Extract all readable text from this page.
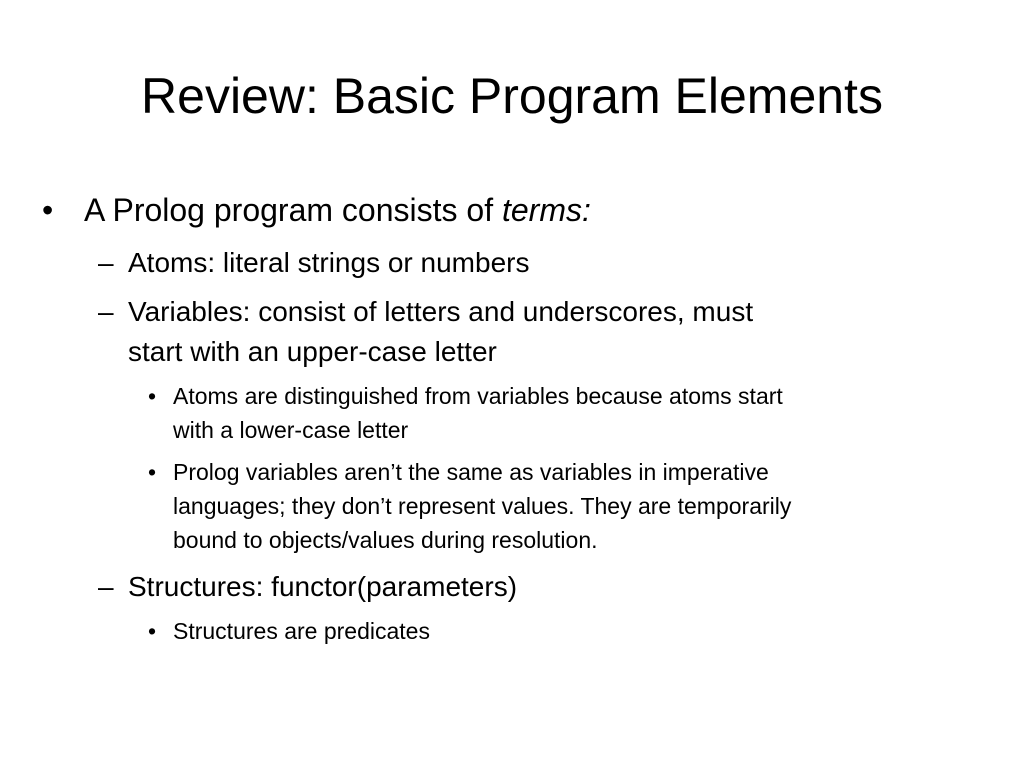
Review: Basic Program Elements
• A Prolog program consists of terms:
– Atoms: literal strings or numbers
– Variables: consist of letters and underscores, must
start with an upper-case letter
• Atoms are distinguished from variables because atoms start
with a lower-case letter
• Prolog variables aren’t the same as variables in imperative
languages; they don’t represent values. They are temporarily
bound to objects/values during resolution.
– Structures: functor(parameters)
• Structures are predicates
